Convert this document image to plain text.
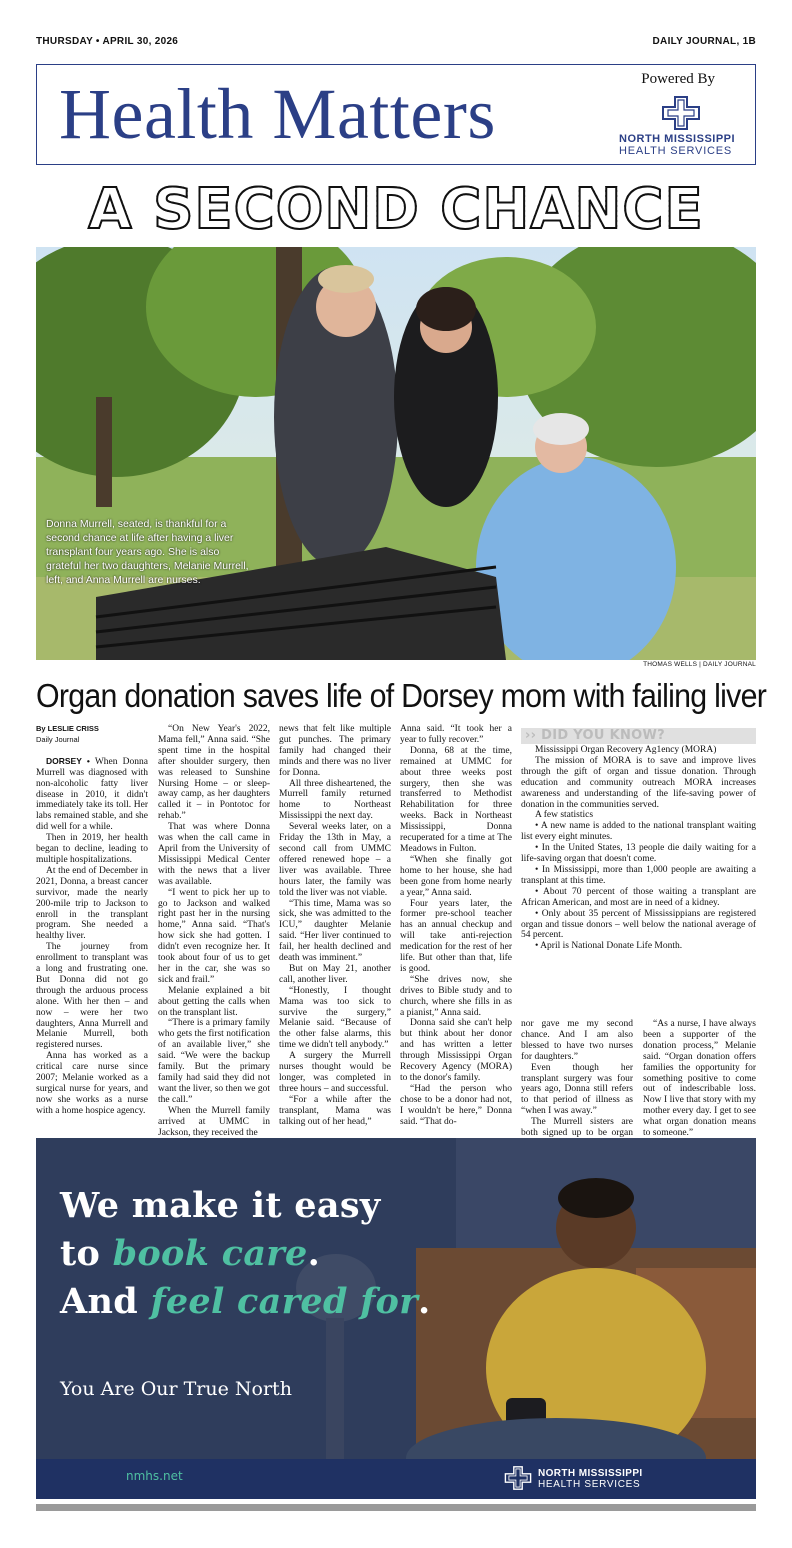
THURSDAY • APRIL 30, 2026	DAILY JOURNAL, 1B
Health Matters	Powered By
NORTH MISSISSIPPI
HEALTH SERVICES
A SECOND CHANCE
Donna Murrell, seated, is thankful for a second chance at life after having a liver transplant four years ago. She is also grateful her two daughters, Melanie Murrell, left, and Anna Murrell are nurses.
THOMAS WELLS | DAILY JOURNAL
Organ donation saves life of Dorsey mom with failing liver
By LESLIE CRISS
Daily Journal

DORSEY • When Donna Murrell was diagnosed with non-alcoholic fatty liver disease in 2010, it didn't immediately take its toll. Her labs remained stable, and she did well for a while.

Then in 2019, her health began to decline, leading to multiple hospitalizations.

At the end of December in 2021, Donna, a breast cancer survivor, made the nearly 200-mile trip to Jackson to enroll in the transplant program. She needed a healthy liver.

The journey from enrollment to transplant was a long and frustrating one. But Donna did not go through the arduous process alone. With her then – and now – were her two daughters, Anna Murrell and Melanie Murrell, both registered nurses.

Anna has worked as a critical care nurse since 2007; Melanie worked as a surgical nurse for years, and now she works as a nurse with a home hospice agency.

“On New Year's 2022, Mama fell,” Anna said. “She spent time in the hospital after shoulder surgery, then was released to Sunshine Nursing Home – or sleep-away camp, as her daughters called it – in Pontotoc for rehab.”

That was where Donna was when the call came in April from the University of Mississippi Medical Center with the news that a liver was available.

“I went to pick her up to go to Jackson and walked right past her in the nursing home,” Anna said. “That's how sick she had gotten. I didn't even recognize her. It took about four of us to get her in the car, she was so sick and frail.”

Melanie explained a bit about getting the calls when on the transplant list.

“There is a primary family who gets the first notification of an available liver,” she said. “We were the backup family. But the primary family had said they did not want the liver, so then we got the call.”

When the Murrell family arrived at UMMC in Jackson, they received the

news that felt like multiple gut punches. The primary family had changed their minds and there was no liver for Donna.

All three disheartened, the Murrell family returned home to Northeast Mississippi the next day.

Several weeks later, on a Friday the 13th in May, a second call from UMMC offered renewed hope – a liver was available. Three hours later, the family was told the liver was not viable.

“This time, Mama was so sick, she was admitted to the ICU,” daughter Melanie said. “Her liver continued to fail, her health declined and death was imminent.”

But on May 21, another call, another liver.

“Honestly, I thought Mama was too sick to survive the surgery,” Melanie said. “Because of the other false alarms, this time we didn't tell anybody.”

A surgery the Murrell nurses thought would be longer, was completed in three hours – and successful.

“For a while after the transplant, Mama was talking out of her head,”

Anna said. “It took her a year to fully recover.”

Donna, 68 at the time, remained at UMMC for about three weeks post surgery, then she was transferred to Methodist Rehabilitation for three weeks. Back in Northeast Mississippi, Donna recuperated for a time at The Meadows in Fulton.

“When she finally got home to her house, she had been gone from home nearly a year,” Anna said.

Four years later, the former pre-school teacher has an annual checkup and will take anti-rejection medication for the rest of her life. But other than that, life is good.

“She drives now, she drives to Bible study and to church, where she fills in as a pianist,” Anna said.

Donna said she can't help but think about her donor and has written a letter through Mississippi Organ Recovery Agency (MORA) to the donor's family.

“Had the person who chose to be a donor had not, I wouldn't be here,” Donna said. “That do-

›› DID YOU KNOW?

Mississippi Organ Recovery Ag1ency (MORA)

The mission of MORA is to save and improve lives through the gift of organ and tissue donation. Through education and community outreach MORA increases awareness and understanding of the life-saving power of donation in the communities served.

A few statistics

• A new name is added to the national transplant waiting list every eight minutes.

• In the United States, 13 people die daily waiting for a life-saving organ that doesn't come.

• In Mississippi, more than 1,000 people are awaiting a transplant at this time.

• About 70 percent of those waiting a transplant are African American, and most are in need of a kidney.

• Only about 35 percent of Mississippians are registered organ and tissue donors – well below the national average of 54 percent.

• April is National Donate Life Month.

nor gave me my second chance. And I am also blessed to have two nurses for daughters.”

Even though her transplant surgery was four years ago, Donna still refers to that period of illness as “when I was away.”

The Murrell sisters are both signed up to be organ

“As a nurse, I have always been a supporter of the donation process,” Melanie said. “Organ donation offers families the opportunity for something positive to come out of indescribable loss. Now I live that story with my mother every day. I get to see what organ donation means to someone.”

We make it easy
to book care.
And feel cared for.
You Are Our True North
nmhs.net	NORTH MISSISSIPPI
HEALTH SERVICES
